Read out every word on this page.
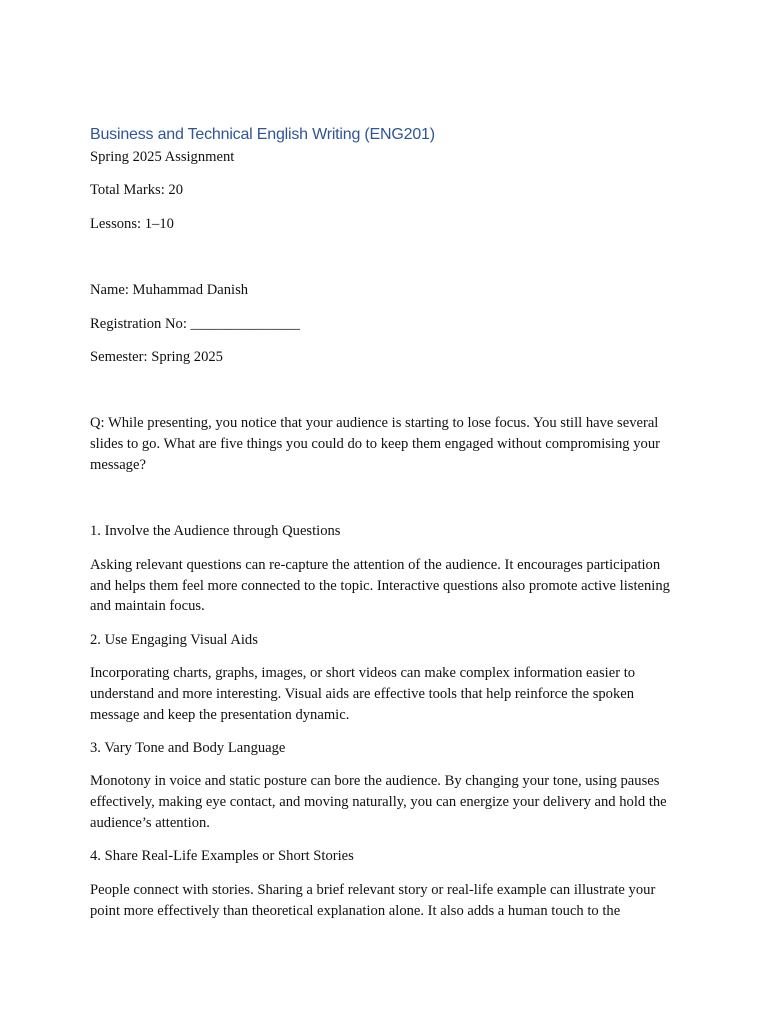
Business and Technical English Writing (ENG201)

Spring 2025 Assignment

Total Marks: 20

Lessons: 1–10

Name: Muhammad Danish

Registration No: _______________

Semester: Spring 2025

Q: While presenting, you notice that your audience is starting to lose focus. You still have several slides to go. What are five things you could do to keep them engaged without compromising your message?

1. Involve the Audience through Questions

Asking relevant questions can re-capture the attention of the audience. It encourages participation and helps them feel more connected to the topic. Interactive questions also promote active listening and maintain focus.

2. Use Engaging Visual Aids

Incorporating charts, graphs, images, or short videos can make complex information easier to understand and more interesting. Visual aids are effective tools that help reinforce the spoken message and keep the presentation dynamic.

3. Vary Tone and Body Language

Monotony in voice and static posture can bore the audience. By changing your tone, using pauses effectively, making eye contact, and moving naturally, you can energize your delivery and hold the audience’s attention.

4. Share Real-Life Examples or Short Stories

People connect with stories. Sharing a brief relevant story or real-life example can illustrate your point more effectively than theoretical explanation alone. It also adds a human touch to the
